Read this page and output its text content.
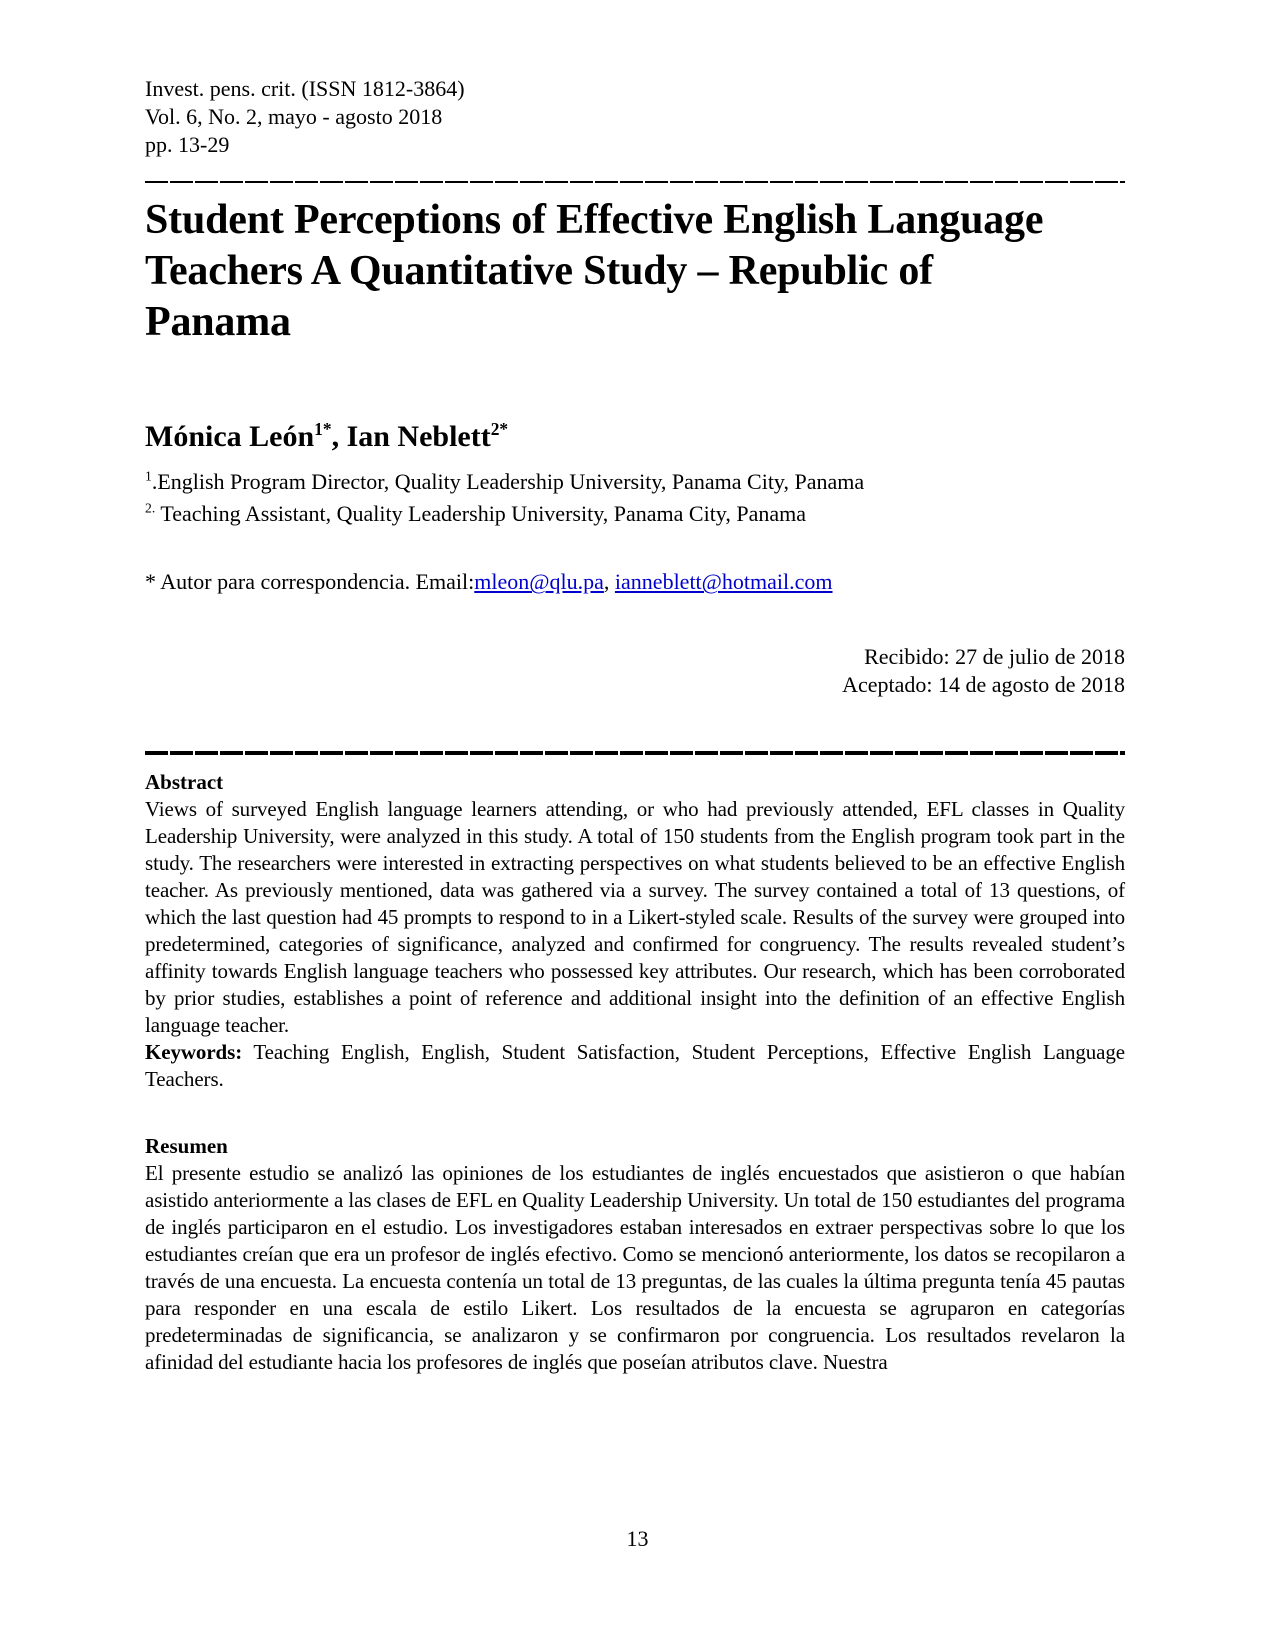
Invest. pens. crit. (ISSN 1812-3864)
Vol. 6, No. 2, mayo - agosto 2018
pp. 13-29
Student Perceptions of Effective English Language Teachers A Quantitative Study – Republic of Panama
Mónica León$^{1*}$, Ian Neblett$^{2*}$
$^1$.English Program Director, Quality Leadership University, Panama City, Panama
$^{2.}$ Teaching Assistant, Quality Leadership University, Panama City, Panama
* Autor para correspondencia. Email:mleon@qlu.pa, ianneblett@hotmail.com
Recibido: 27 de julio de 2018
Aceptado: 14 de agosto de 2018
Abstract

Views of surveyed English language learners attending, or who had previously attended, EFL classes in Quality Leadership University, were analyzed in this study. A total of 150 students from the English program took part in the study. The researchers were interested in extracting perspectives on what students believed to be an effective English teacher. As previously mentioned, data was gathered via a survey. The survey contained a total of 13 questions, of which the last question had 45 prompts to respond to in a Likert-styled scale. Results of the survey were grouped into predetermined, categories of significance, analyzed and confirmed for congruency. The results revealed student’s affinity towards English language teachers who possessed key attributes. Our research, which has been corroborated by prior studies, establishes a point of reference and additional insight into the definition of an effective English language teacher.

Keywords: Teaching English, English, Student Satisfaction, Student Perceptions, Effective English Language Teachers.

Resumen

El presente estudio se analizó las opiniones de los estudiantes de inglés encuestados que asistieron o que habían asistido anteriormente a las clases de EFL en Quality Leadership University. Un total de 150 estudiantes del programa de inglés participaron en el estudio. Los investigadores estaban interesados en extraer perspectivas sobre lo que los estudiantes creían que era un profesor de inglés efectivo. Como se mencionó anteriormente, los datos se recopilaron a través de una encuesta. La encuesta contenía un total de 13 preguntas, de las cuales la última pregunta tenía 45 pautas para responder en una escala de estilo Likert. Los resultados de la encuesta se agruparon en categorías predeterminadas de significancia, se analizaron y se confirmaron por congruencia. Los resultados revelaron la afinidad del estudiante hacia los profesores de inglés que poseían atributos clave. Nuestra

13
